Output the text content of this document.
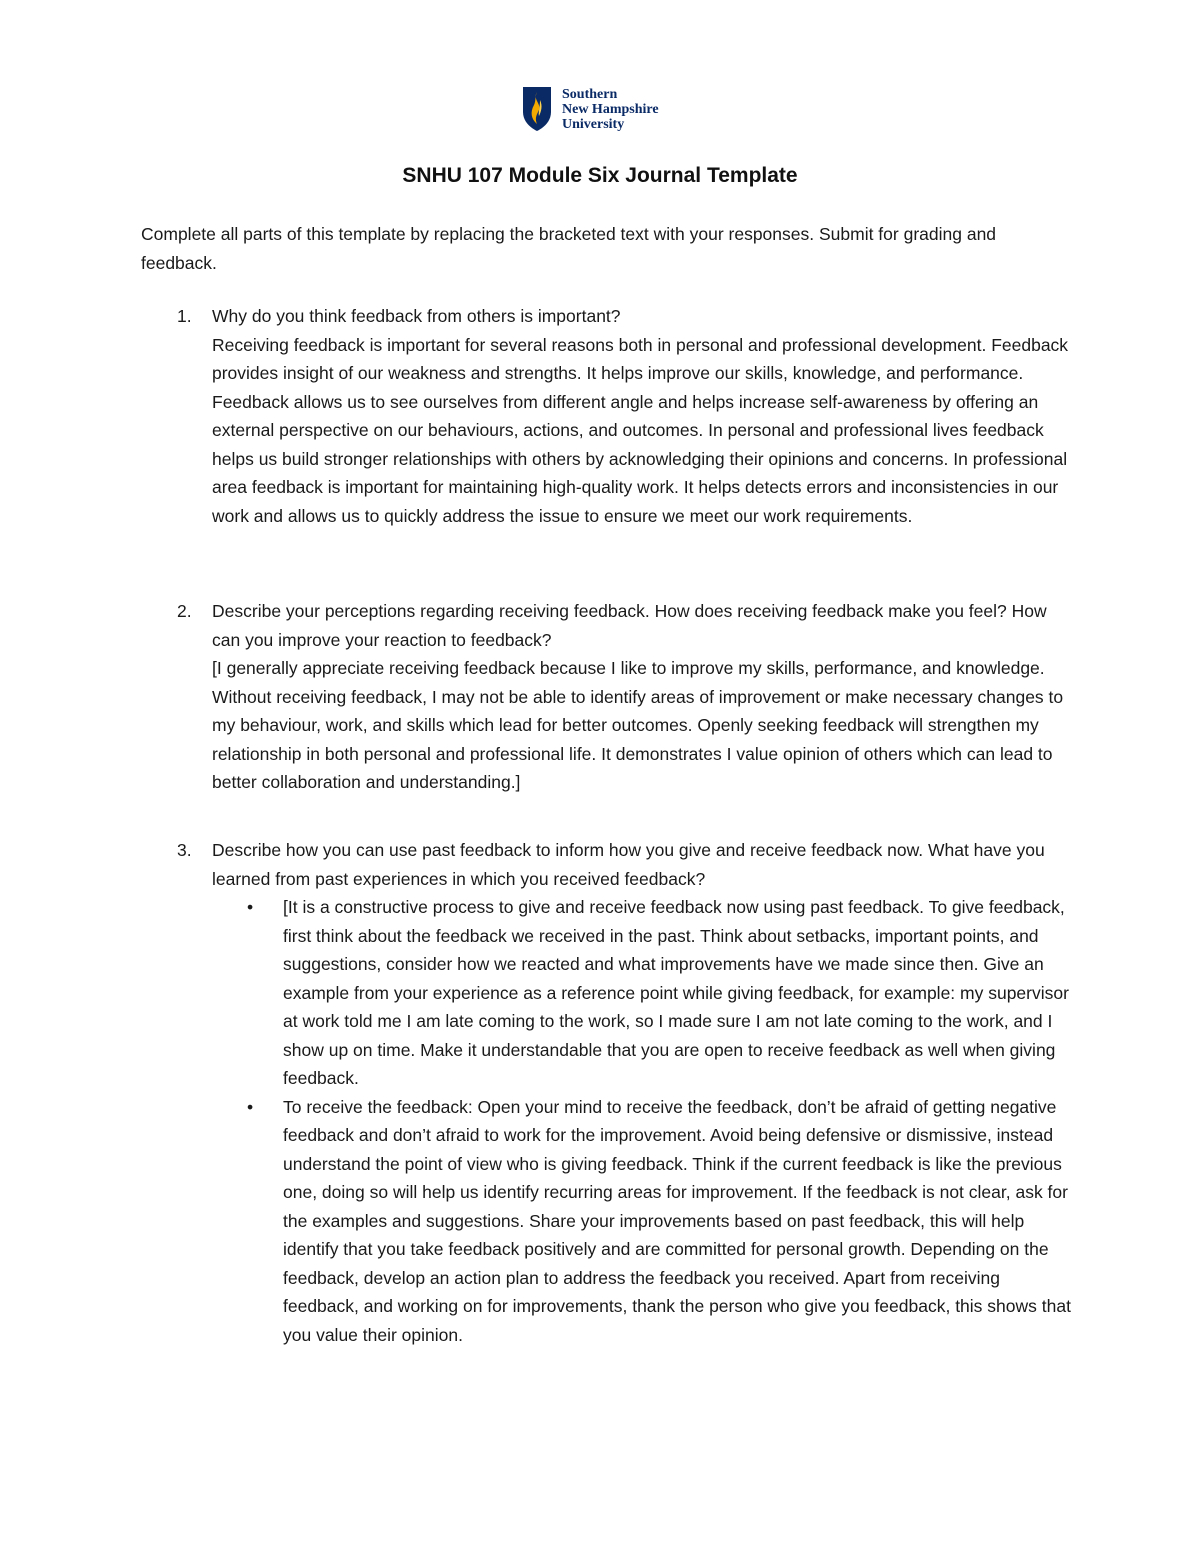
Southern
New Hampshire
University
SNHU 107 Module Six Journal Template
Complete all parts of this template by replacing the bracketed text with your responses. Submit for grading and feedback.
1. Why do you think feedback from others is important?

Receiving feedback is important for several reasons both in personal and professional development. Feedback provides insight of our weakness and strengths. It helps improve our skills, knowledge, and performance. Feedback allows us to see ourselves from different angle and helps increase self-awareness by offering an external perspective on our behaviours, actions, and outcomes. In personal and professional lives feedback helps us build stronger relationships with others by acknowledging their opinions and concerns. In professional area feedback is important for maintaining high-quality work. It helps detects errors and inconsistencies in our work and allows us to quickly address the issue to ensure we meet our work requirements.

2. Describe your perceptions regarding receiving feedback. How does receiving feedback make you feel? How can you improve your reaction to feedback?

[I generally appreciate receiving feedback because I like to improve my skills, performance, and knowledge. Without receiving feedback, I may not be able to identify areas of improvement or make necessary changes to my behaviour, work, and skills which lead for better outcomes. Openly seeking feedback will strengthen my relationship in both personal and professional life. It demonstrates I value opinion of others which can lead to better collaboration and understanding.]

3. Describe how you can use past feedback to inform how you give and receive feedback now. What have you learned from past experiences in which you received feedback?

• [It is a constructive process to give and receive feedback now using past feedback. To give feedback, first think about the feedback we received in the past. Think about setbacks, important points, and suggestions, consider how we reacted and what improvements have we made since then. Give an example from your experience as a reference point while giving feedback, for example: my supervisor at work told me I am late coming to the work, so I made sure I am not late coming to the work, and I show up on time. Make it understandable that you are open to receive feedback as well when giving feedback.
• To receive the feedback: Open your mind to receive the feedback, don’t be afraid of getting negative feedback and don’t afraid to work for the improvement. Avoid being defensive or dismissive, instead understand the point of view who is giving feedback. Think if the current feedback is like the previous one, doing so will help us identify recurring areas for improvement. If the feedback is not clear, ask for the examples and suggestions. Share your improvements based on past feedback, this will help identify that you take feedback positively and are committed for personal growth. Depending on the feedback, develop an action plan to address the feedback you received. Apart from receiving feedback, and working on for improvements, thank the person who give you feedback, this shows that you value their opinion.
